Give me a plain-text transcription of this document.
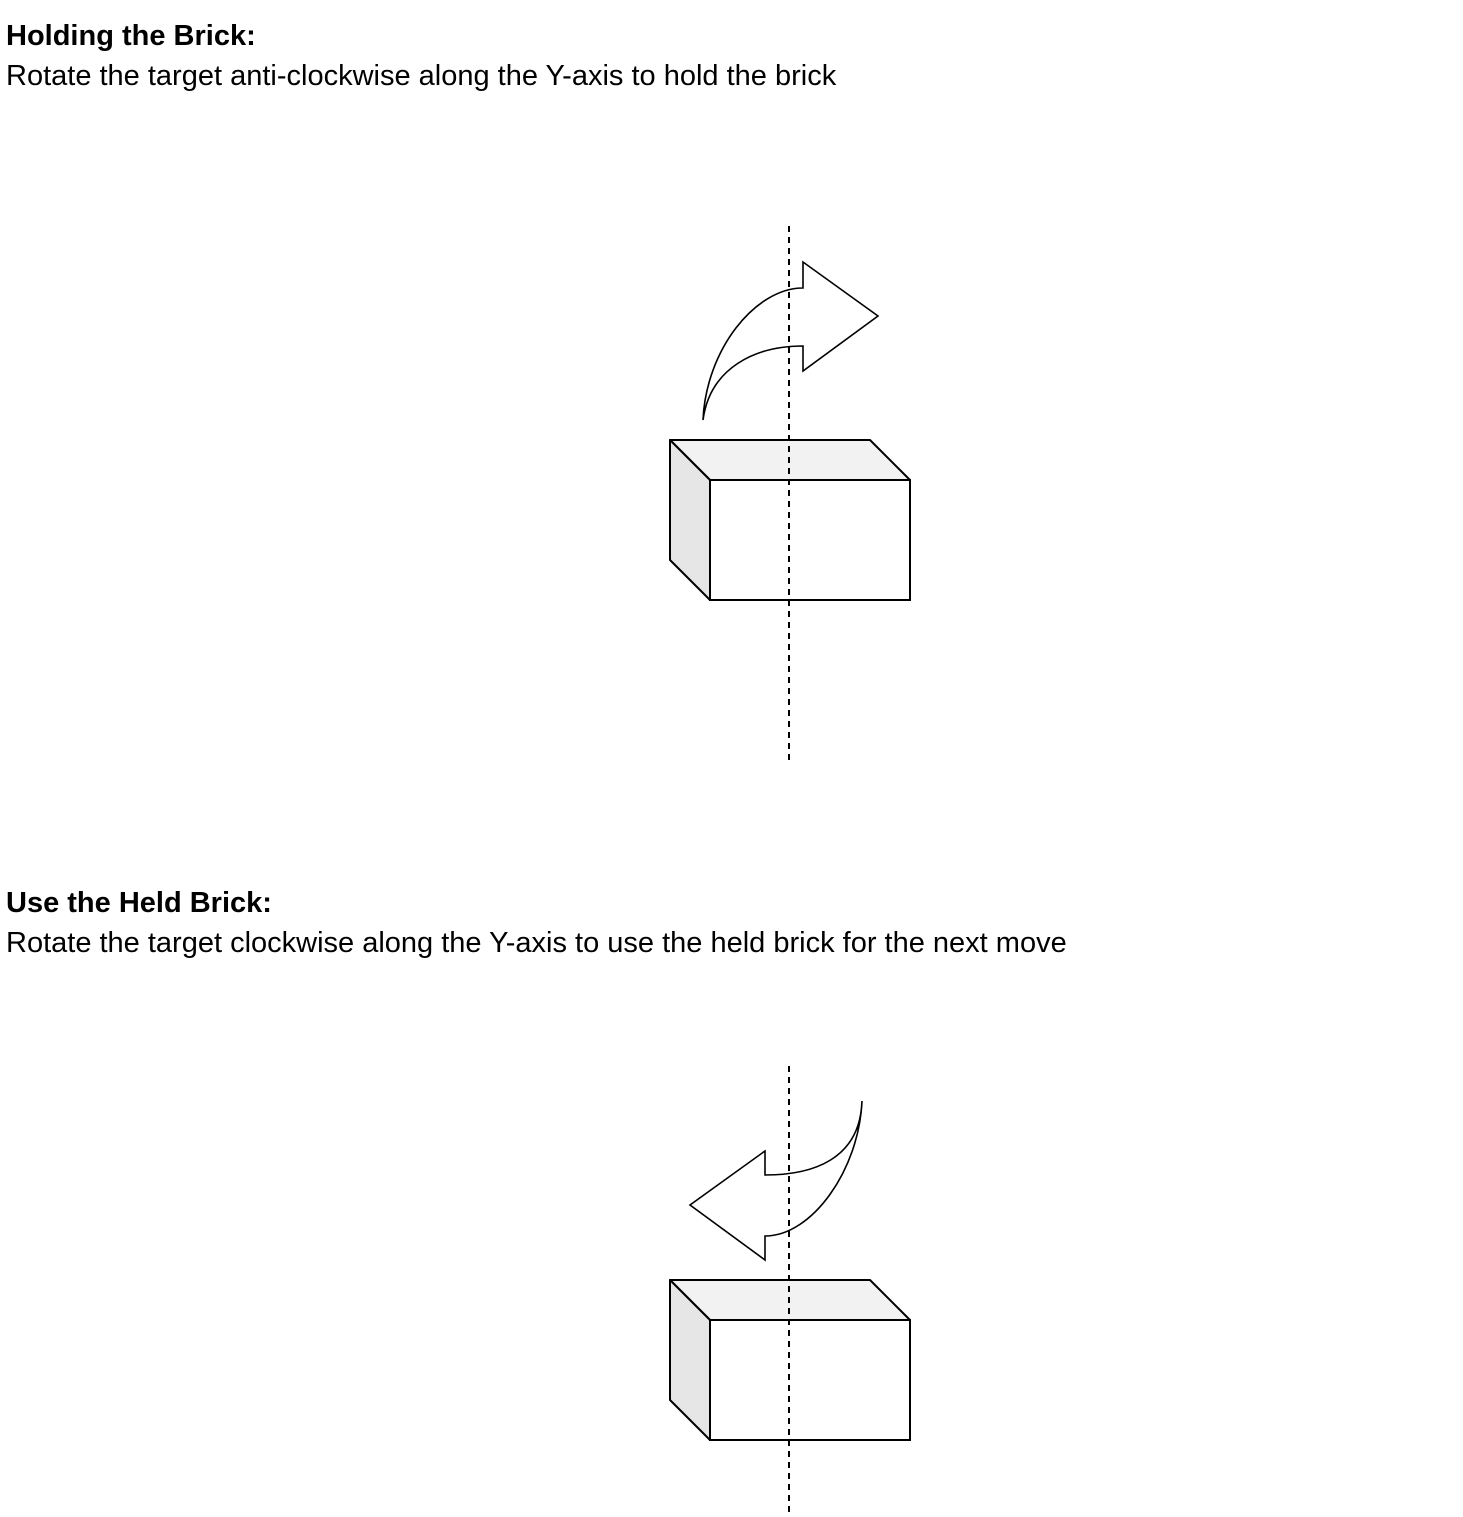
Holding the Brick:
Rotate the target anti-clockwise along the Y-axis to hold the brick
Use the Held Brick:
Rotate the target clockwise along the Y-axis to use the held brick for the next move
